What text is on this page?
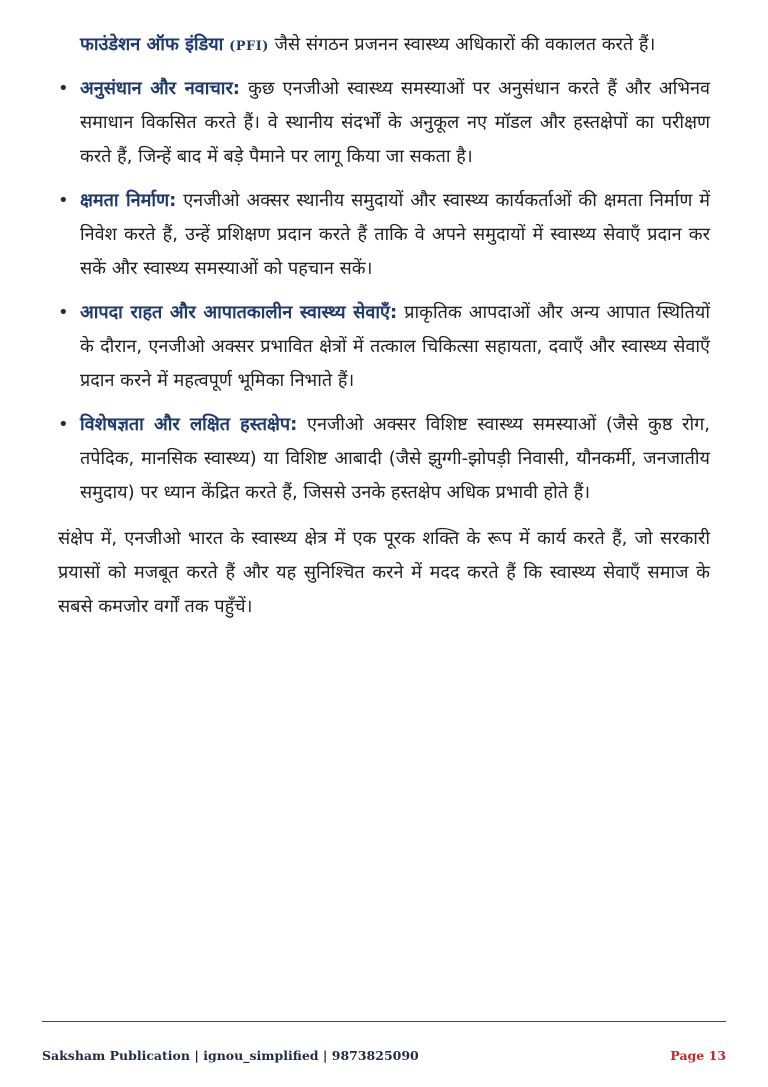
फाउंडेशन ऑफ इंडिया (PFI) जैसे संगठन प्रजनन स्वास्थ्य अधिकारों की वकालत करते हैं।

• अनुसंधान और नवाचार: कुछ एनजीओ स्वास्थ्य समस्याओं पर अनुसंधान करते हैं और अभिनव समाधान विकसित करते हैं। वे स्थानीय संदर्भों के अनुकूल नए मॉडल और हस्तक्षेपों का परीक्षण करते हैं, जिन्हें बाद में बड़े पैमाने पर लागू किया जा सकता है।
• क्षमता निर्माण: एनजीओ अक्सर स्थानीय समुदायों और स्वास्थ्य कार्यकर्ताओं की क्षमता निर्माण में निवेश करते हैं, उन्हें प्रशिक्षण प्रदान करते हैं ताकि वे अपने समुदायों में स्वास्थ्य सेवाएँ प्रदान कर सकें और स्वास्थ्य समस्याओं को पहचान सकें।
• आपदा राहत और आपातकालीन स्वास्थ्य सेवाएँ: प्राकृतिक आपदाओं और अन्य आपात स्थितियों के दौरान, एनजीओ अक्सर प्रभावित क्षेत्रों में तत्काल चिकित्सा सहायता, दवाएँ और स्वास्थ्य सेवाएँ प्रदान करने में महत्वपूर्ण भूमिका निभाते हैं।
• विशेषज्ञता और लक्षित हस्तक्षेप: एनजीओ अक्सर विशिष्ट स्वास्थ्य समस्याओं (जैसे कुष्ठ रोग, तपेदिक, मानसिक स्वास्थ्य) या विशिष्ट आबादी (जैसे झुग्गी-झोपड़ी निवासी, यौनकर्मी, जनजातीय समुदाय) पर ध्यान केंद्रित करते हैं, जिससे उनके हस्तक्षेप अधिक प्रभावी होते हैं।

संक्षेप में, एनजीओ भारत के स्वास्थ्य क्षेत्र में एक पूरक शक्ति के रूप में कार्य करते हैं, जो सरकारी प्रयासों को मजबूत करते हैं और यह सुनिश्चित करने में मदद करते हैं कि स्वास्थ्य सेवाएँ समाज के सबसे कमजोर वर्गों तक पहुँचें।

Saksham Publication | ignou_simplified | 9873825090	Page 13
